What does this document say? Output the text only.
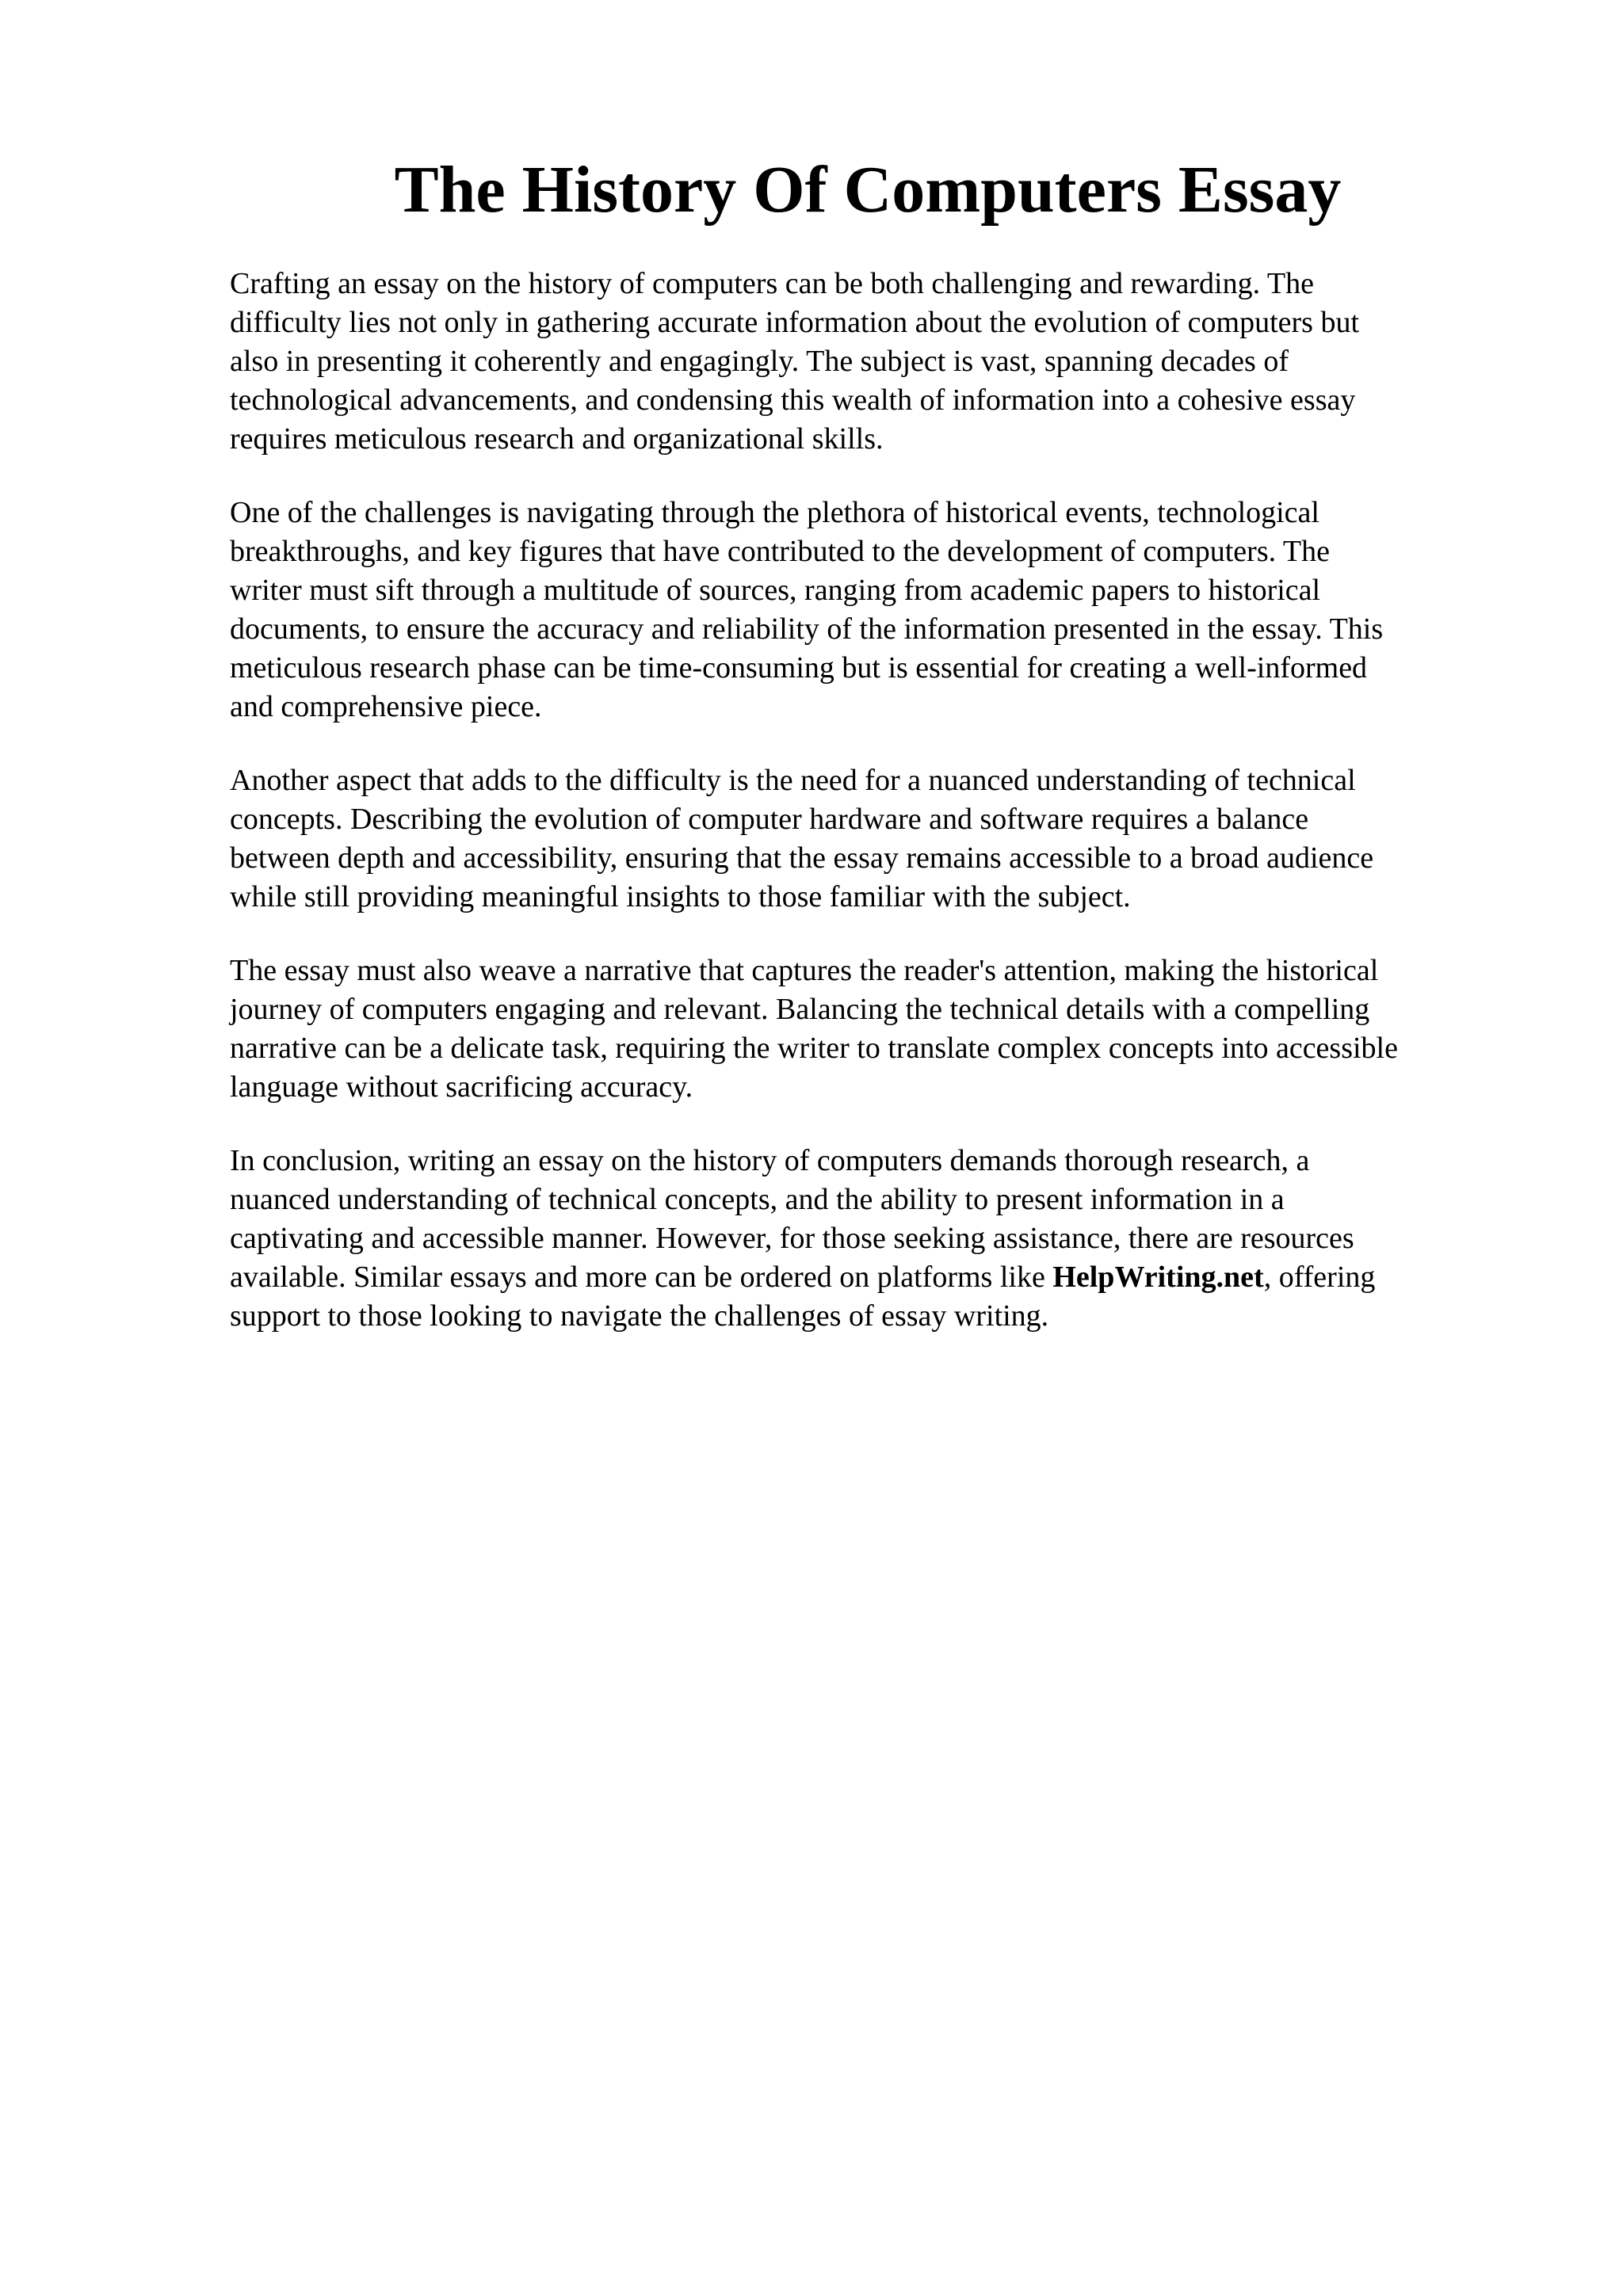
The History Of Computers Essay

Crafting an essay on the history of computers can be both challenging and rewarding. The
difficulty lies not only in gathering accurate information about the evolution of computers but
also in presenting it coherently and engagingly. The subject is vast, spanning decades of
technological advancements, and condensing this wealth of information into a cohesive essay
requires meticulous research and organizational skills.

One of the challenges is navigating through the plethora of historical events, technological
breakthroughs, and key figures that have contributed to the development of computers. The
writer must sift through a multitude of sources, ranging from academic papers to historical
documents, to ensure the accuracy and reliability of the information presented in the essay. This
meticulous research phase can be time-consuming but is essential for creating a well-informed
and comprehensive piece.

Another aspect that adds to the difficulty is the need for a nuanced understanding of technical
concepts. Describing the evolution of computer hardware and software requires a balance
between depth and accessibility, ensuring that the essay remains accessible to a broad audience
while still providing meaningful insights to those familiar with the subject.

The essay must also weave a narrative that captures the reader's attention, making the historical
journey of computers engaging and relevant. Balancing the technical details with a compelling
narrative can be a delicate task, requiring the writer to translate complex concepts into accessible
language without sacrificing accuracy.

In conclusion, writing an essay on the history of computers demands thorough research, a
nuanced understanding of technical concepts, and the ability to present information in a
captivating and accessible manner. However, for those seeking assistance, there are resources
available. Similar essays and more can be ordered on platforms like HelpWriting.net, offering
support to those looking to navigate the challenges of essay writing.
